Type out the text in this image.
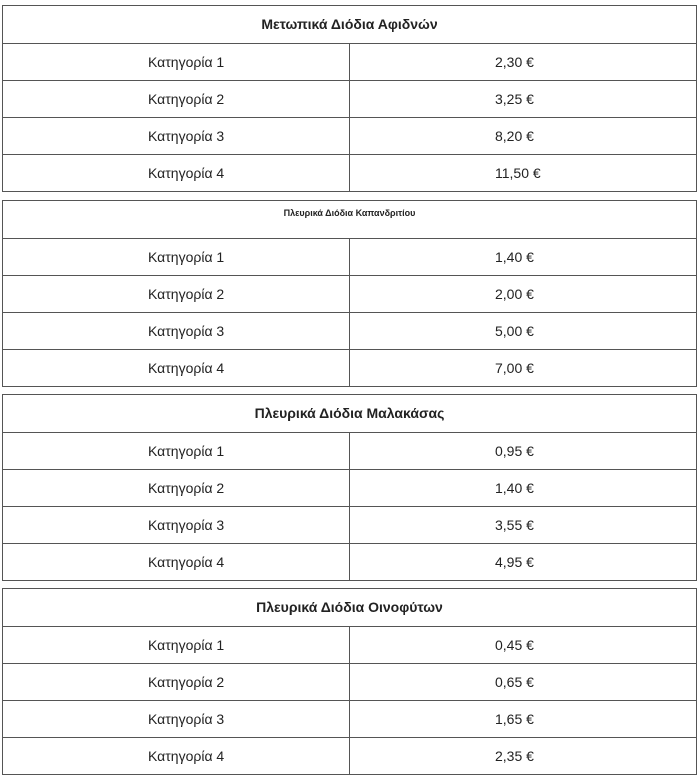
Μετωπικά Διόδια Αφιδνών	
Κατηγορία 1	2,30 €
Κατηγορία 2	3,25 €
Κατηγορία 3	8,20 €
Κατηγορία 4	11,50 €
Πλευρικά Διόδια Καπανδριτίου	
Κατηγορία 1	1,40 €
Κατηγορία 2	2,00 €
Κατηγορία 3	5,00 €
Κατηγορία 4	7,00 €
Πλευρικά Διόδια Μαλακάσας	
Κατηγορία 1	0,95 €
Κατηγορία 2	1,40 €
Κατηγορία 3	3,55 €
Κατηγορία 4	4,95 €
Πλευρικά Διόδια Οινοφύτων	
Κατηγορία 1	0,45 €
Κατηγορία 2	0,65 €
Κατηγορία 3	1,65 €
Κατηγορία 4	2,35 €
